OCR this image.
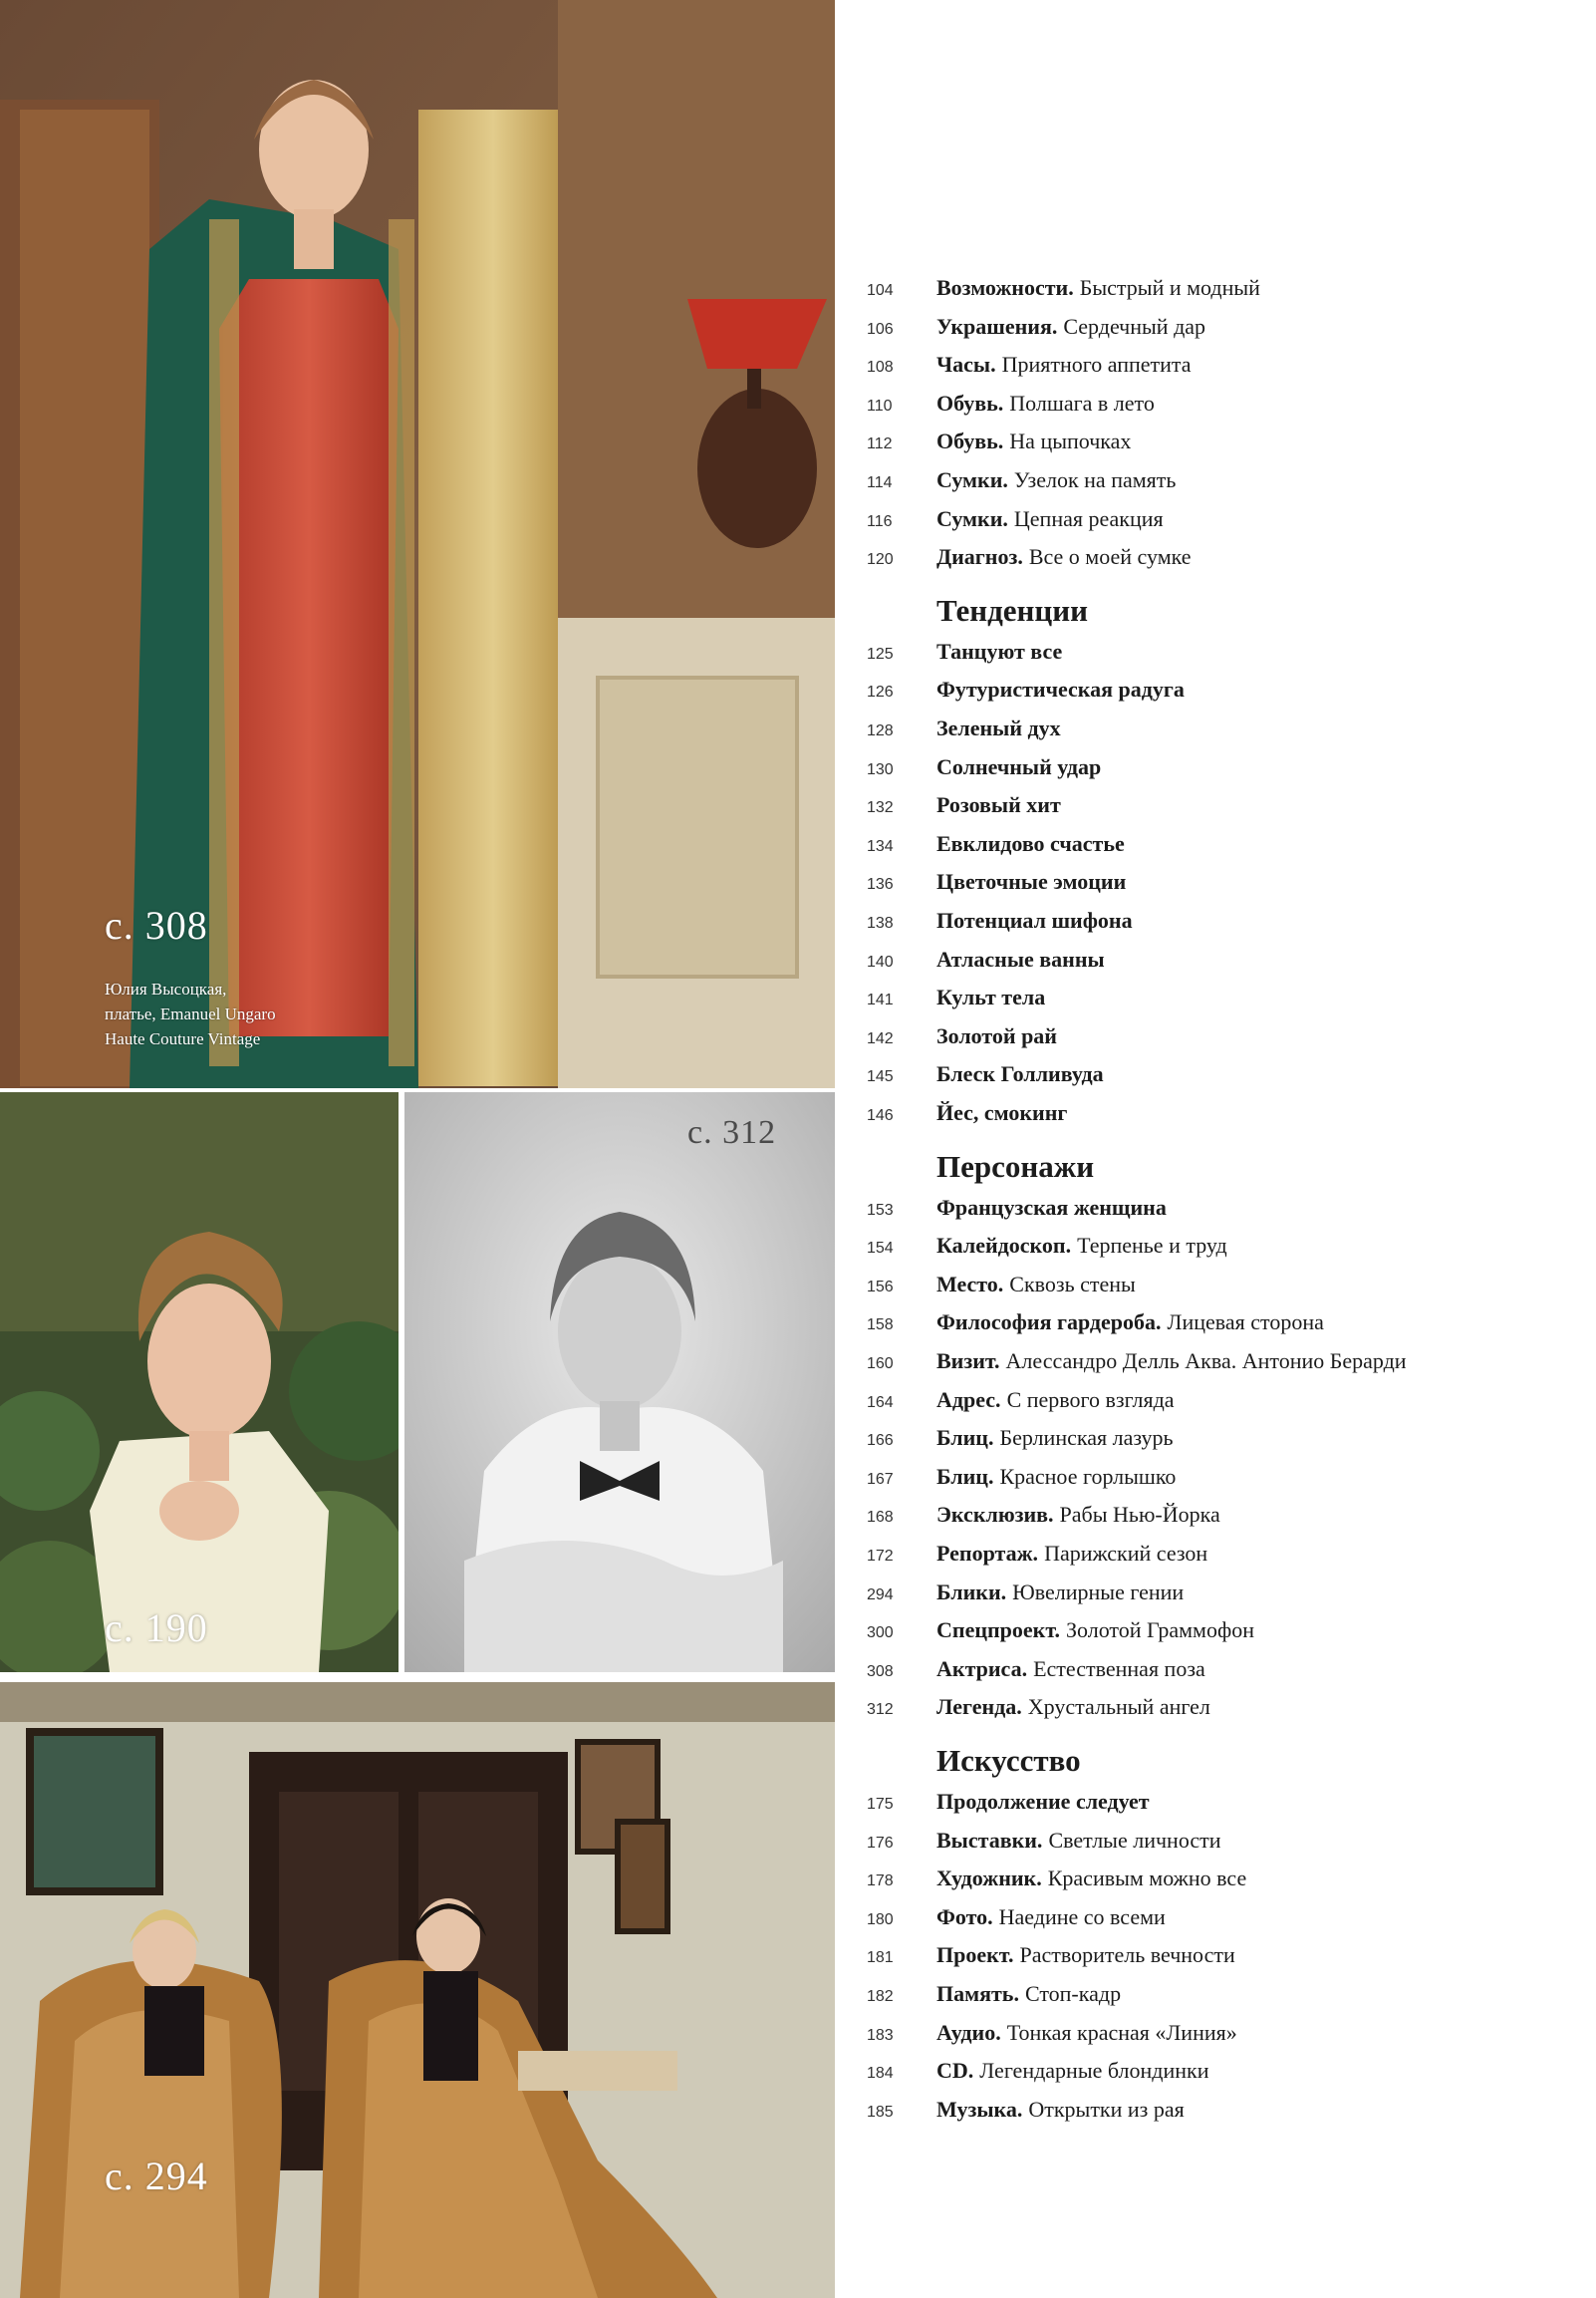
с. 308
Юлия Высоцкая,
платье, Emanuel Ungaro
Haute Couture Vintage
с. 190
с. 312
с. 294
104 Возможности. Быстрый и модный
106 Украшения. Сердечный дар
108 Часы. Приятного аппетита
110 Обувь. Полшага в лето
112 Обувь. На цыпочках
114 Сумки. Узелок на память
116 Сумки. Цепная реакция
120 Диагноз. Все о моей сумке
Тенденции
125 Танцуют все
126 Футуристическая радуга
128 Зеленый дух
130 Солнечный удар
132 Розовый хит
134 Евклидово счастье
136 Цветочные эмоции
138 Потенциал шифона
140 Атласные ванны
141 Культ тела
142 Золотой рай
145 Блеск Голливуда
146 Йес, смокинг
Персонажи
153 Французская женщина
154 Калейдоскоп. Терпенье и труд
156 Место. Сквозь стены
158 Философия гардероба. Лицевая сторона
160 Визит. Алессандро Делль Аква. Антонио Берарди
164 Адрес. С первого взгляда
166 Блиц. Берлинская лазурь
167 Блиц. Красное горлышко
168 Эксклюзив. Рабы Нью-Йорка
172 Репортаж. Парижский сезон
294 Блики. Ювелирные гении
300 Спецпроект. Золотой Граммофон
308 Актриса. Естественная поза
312 Легенда. Хрустальный ангел
Искусство
175 Продолжение следует
176 Выставки. Светлые личности
178 Художник. Красивым можно все
180 Фото. Наедине со всеми
181 Проект. Растворитель вечности
182 Память. Стоп-кадр
183 Аудио. Тонкая красная «Линия»
184 CD. Легендарные блондинки
185 Музыка. Открытки из рая
